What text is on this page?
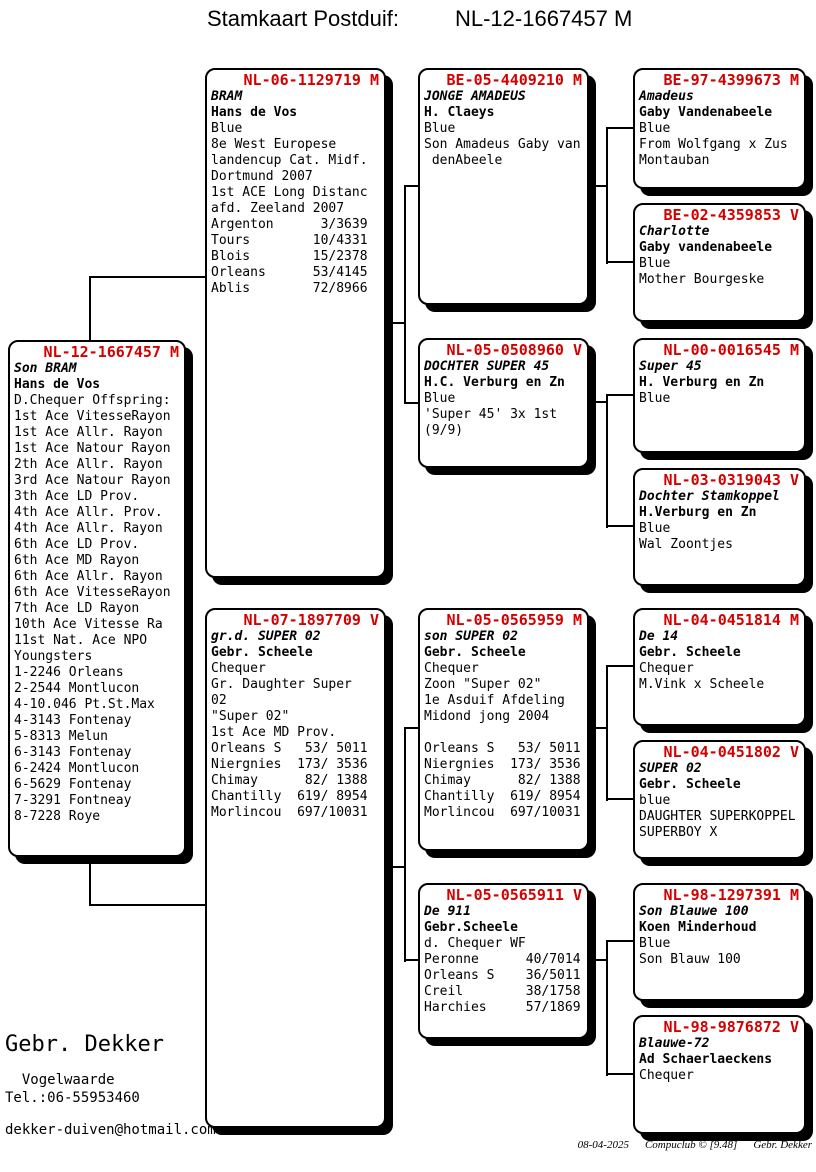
Stamkaart Postduif:	NL-12-1667457 M
NL-12-1667457 M
Son BRAM
Hans de Vos
D.Chequer Offspring:
1st Ace VitesseRayon
1st Ace Allr. Rayon
1st Ace Natour Rayon
2th Ace Allr. Rayon
3rd Ace Natour Rayon
3th Ace LD Prov.
4th Ace Allr. Prov.
4th Ace Allr. Rayon
6th Ace LD Prov.
6th Ace MD Rayon
6th Ace Allr. Rayon
6th Ace VitesseRayon
7th Ace LD Rayon
10th Ace Vitesse Ra
11st Nat. Ace NPO
Youngsters
1-2246 Orleans
2-2544 Montlucon
4-10.046 Pt.St.Max
4-3143 Fontenay
5-8313 Melun
6-3143 Fontenay
6-2424 Montlucon
6-5629 Fontenay
7-3291 Fontneay
8-7228 Roye
NL-06-1129719 M
BRAM
Hans de Vos
Blue
8e West Europese
landencup Cat. Midf.
Dortmund 2007
1st ACE Long Distanc
afd. Zeeland 2007
Argenton      3/3639
Tours        10/4331
Blois        15/2378
Orleans      53/4145
Ablis        72/8966
NL-07-1897709 V
gr.d. SUPER 02
Gebr. Scheele
Chequer
Gr. Daughter Super
02
"Super 02"
1st Ace MD Prov.
Orleans S   53/ 5011
Niergnies  173/ 3536
Chimay      82/ 1388
Chantilly  619/ 8954
Morlincou  697/10031
BE-05-4409210 M
JONGE AMADEUS
H. Claeys
Blue
Son Amadeus Gaby van
denAbeele
NL-05-0508960 V
DOCHTER SUPER 45
H.C. Verburg en Zn
Blue
'Super 45' 3x 1st
(9/9)
NL-05-0565959 M
son SUPER 02
Gebr. Scheele
Chequer
Zoon "Super 02"
1e Asduif Afdeling
Midond jong 2004

Orleans S   53/ 5011
Niergnies  173/ 3536
Chimay      82/ 1388
Chantilly  619/ 8954
Morlincou  697/10031
NL-05-0565911 V
De 911
Gebr.Scheele
d. Chequer WF
Peronne      40/7014
Orleans S    36/5011
Creil        38/1758
Harchies     57/1869
BE-97-4399673 M
Amadeus
Gaby Vandenabeele
Blue
From Wolfgang x Zus
Montauban
BE-02-4359853 V
Charlotte
Gaby vandenabeele
Blue
Mother Bourgeske
NL-00-0016545 M
Super 45
H. Verburg en Zn
Blue
NL-03-0319043 V
Dochter Stamkoppel
H.Verburg en Zn
Blue
Wal Zoontjes
NL-04-0451814 M
De 14
Gebr. Scheele
Chequer
M.Vink x Scheele
NL-04-0451802 V
SUPER 02
Gebr. Scheele
blue
DAUGHTER SUPERKOPPEL
SUPERBOY X
NL-98-1297391 M
Son Blauwe 100
Koen Minderhoud
Blue
Son Blauw 100
NL-98-9876872 V
Blauwe-72
Ad Schaerlaeckens
Chequer
Gebr. Dekker
Vogelwaarde
Tel.:06-55953460
dekker-duiven@hotmail.com
08-04-2025 Compuclub © [9.48] Gebr. Dekker
